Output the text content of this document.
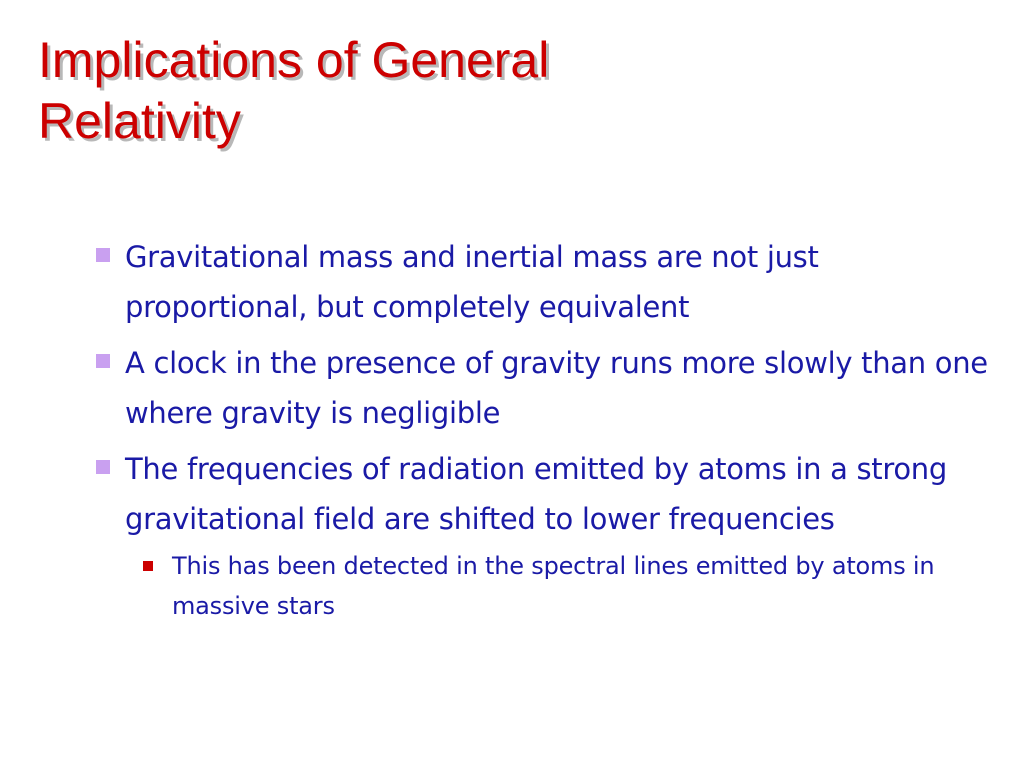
Implications of General
Relativity
Gravitational mass and inertial mass are not just proportional, but completely equivalent
A clock in the presence of gravity runs more slowly than one where gravity is negligible
The frequencies of radiation emitted by atoms in a strong gravitational field are shifted to lower frequencies
This has been detected in the spectral lines emitted by atoms in massive stars
